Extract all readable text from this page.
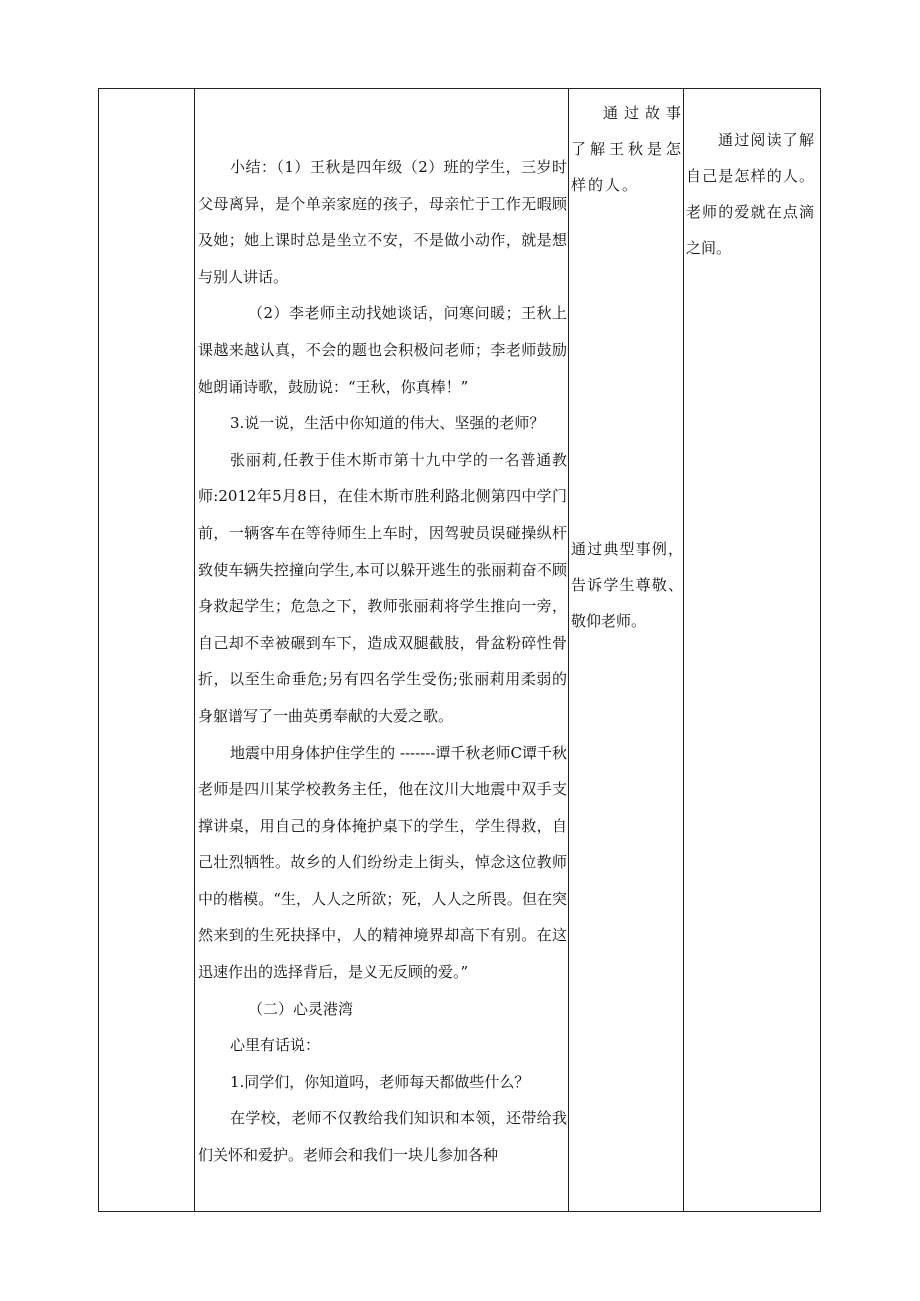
小结：（1）王秋是四年级（2）班的学生，三岁时父母离异，是个单亲家庭的孩子，母亲忙于工作无暇顾及她；她上课时总是坐立不安，不是做小动作，就是想与别人讲话。

（2）李老师主动找她谈话，问寒问暖；王秋上课越来越认真，不会的题也会积极问老师；李老师鼓励她朗诵诗歌，鼓励说：“王秋，你真棒！”

3.说一说，生活中你知道的伟大、坚强的老师？

张丽莉,任教于佳木斯市第十九中学的一名普通教师:2012年5月8日，在佳木斯市胜利路北侧第四中学门前，一辆客车在等待师生上车时，因驾驶员误碰操纵杆致使车辆失控撞向学生,本可以躲开逃生的张丽莉奋不顾身救起学生；危急之下，教师张丽莉将学生推向一旁，自己却不幸被碾到车下，造成双腿截肢，骨盆粉碎性骨折，以至生命垂危;另有四名学生受伤;张丽莉用柔弱的身躯谱写了一曲英勇奉献的大爱之歌。

地震中用身体护住学生的 -------谭千秋老师C谭千秋老师是四川某学校教务主任，他在汶川大地震中双手支撑讲桌，用自己的身体掩护桌下的学生，学生得救，自己壮烈牺牲。故乡的人们纷纷走上街头，悼念这位教师中的楷模。“生，人人之所欲；死，人人之所畏。但在突然来到的生死抉择中，人的精神境界却高下有别。在这迅速作出的选择背后，是义无反顾的爱。”

（二）心灵港湾

心里有话说：

1.同学们，你知道吗，老师每天都做些什么？

在学校，老师不仅教给我们知识和本领，还带给我们关怀和爱护。老师会和我们一块儿参加各种

通过故事了解王秋是怎样的人。

通过典型事例，告诉学生尊敬、敬仰老师。

通过阅读了解自己是怎样的人。老师的爱就在点滴之间。
